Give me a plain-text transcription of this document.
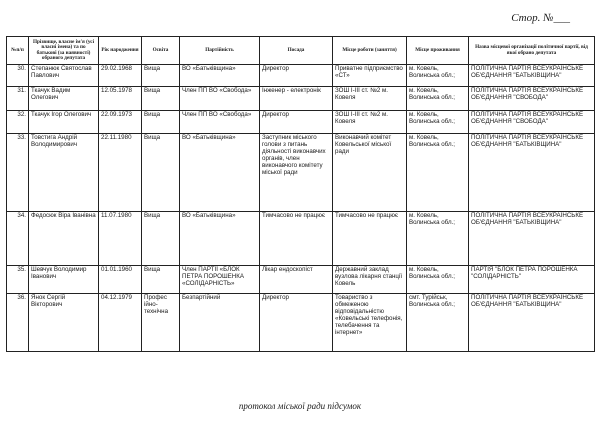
Стор. №___
№п/п	Прізвище, власне ім'я (усі власні імена) та по батькові (за наявності) обраного депутата	Рік народження	Освіта	Партійність	Посада	Місце роботи (заняття)	Місце проживання	Назва місцевої організації політичної партії, від якої обрано депутата
30.	Степанюк Святослав Павлович	29.02.1968	Вища	ВО «Батьківщина»	Директор	Приватне підприємство «СТ»	м. Ковель, Волинська обл.;	ПОЛІТИЧНА ПАРТІЯ ВСЕУКРАЇНСЬКЕ ОБ'ЄДНАННЯ "БАТЬКІВЩИНА"
31.	Ткачук Вадим Олегович	12.05.1978	Вища	Член ПП ВО «Свобода»	Інженер - електронік	ЗОШ І-ІІІ ст. №2 м. Ковеля	м. Ковель, Волинська обл.;	ПОЛІТИЧНА ПАРТІЯ ВСЕУКРАЇНСЬКЕ ОБ'ЄДНАННЯ "СВОБОДА"
32.	Ткачук Ігор Олегович	22.09.1973	Вища	Член ПП ВО «Свобода»	Директор	ЗОШ І-ІІІ ст. №2 м. Ковеля	м. Ковель, Волинська обл.;	ПОЛІТИЧНА ПАРТІЯ ВСЕУКРАЇНСЬКЕ ОБ'ЄДНАННЯ "СВОБОДА"
33.	Товстига Андрій Володимирович	22.11.1980	Вища	ВО «Батьківщина»	Заступник міського голови з питань діяльності виконавчих органів, член виконавчого комітету міської ради	Виконавчий комітет Ковельської міської ради	м. Ковель, Волинська обл.;	ПОЛІТИЧНА ПАРТІЯ ВСЕУКРАЇНСЬКЕ ОБ'ЄДНАННЯ "БАТЬКІВЩИНА"
34.	Федосюк Віра Іванівна	11.07.1980	Вища	ВО «Батьківщина»	Тимчасово не працює	Тимчасово не працює	м. Ковель, Волинська обл.;	ПОЛІТИЧНА ПАРТІЯ ВСЕУКРАЇНСЬКЕ ОБ'ЄДНАННЯ "БАТЬКІВЩИНА"
35.	Шевчук Володимир Іванович	01.01.1960	Вища	Член ПАРТІЇ «БЛОК ПЕТРА ПОРОШЕНКА «СОЛІДАРНІСТЬ»	Лікар ендоскопіст	Державний заклад вузлова лікарня станції Ковель	м. Ковель, Волинська обл.;	ПАРТІЯ "БЛОК ПЕТРА ПОРОШЕНКА "СОЛІДАРНІСТЬ"
36.	Янок Сергій Вікторович	04.12.1979	Профес ійно-технічна	Безпартійний	Директор	Товариство з обмеженою відповідальністю «Ковельські телефонія, телебачення та інтернет»	смт. Турійськ, Волинська обл.;	ПОЛІТИЧНА ПАРТІЯ ВСЕУКРАЇНСЬКЕ ОБ'ЄДНАННЯ "БАТЬКІВЩИНА"
протокол міської ради підсумок
